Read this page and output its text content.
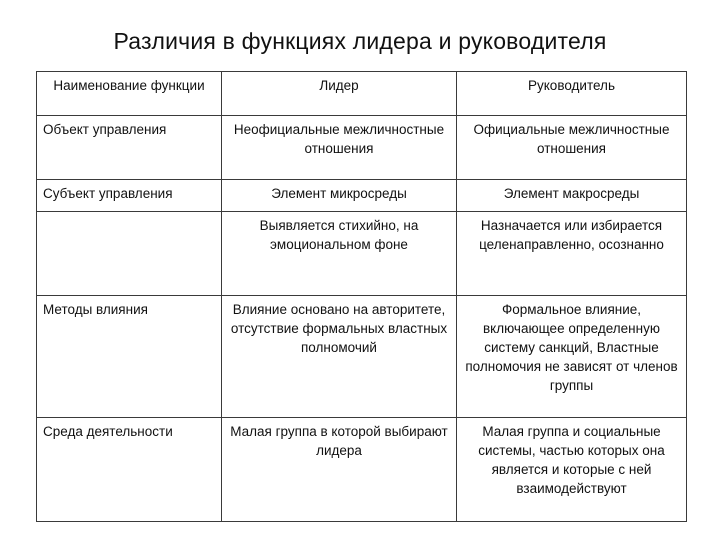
Различия в функциях лидера и руководителя
Наименование функции	Лидер	Руководитель
Объект управления	Неофициальные межличностные отношения	Официальные межличностные отношения
Субъект управления	Элемент микросреды	Элемент макросреды
	Выявляется стихийно, на эмоциональном фоне	Назначается или избирается целенаправленно, осознанно
Методы влияния	Влияние основано на авторитете, отсутствие формальных властных полномочий	Формальное влияние, включающее определенную систему санкций, Властные полномочия не зависят от членов группы
Среда деятельности	Малая группа в которой выбирают лидера	Малая группа и социальные системы, частью которых она является и которые с ней взаимодействуют
